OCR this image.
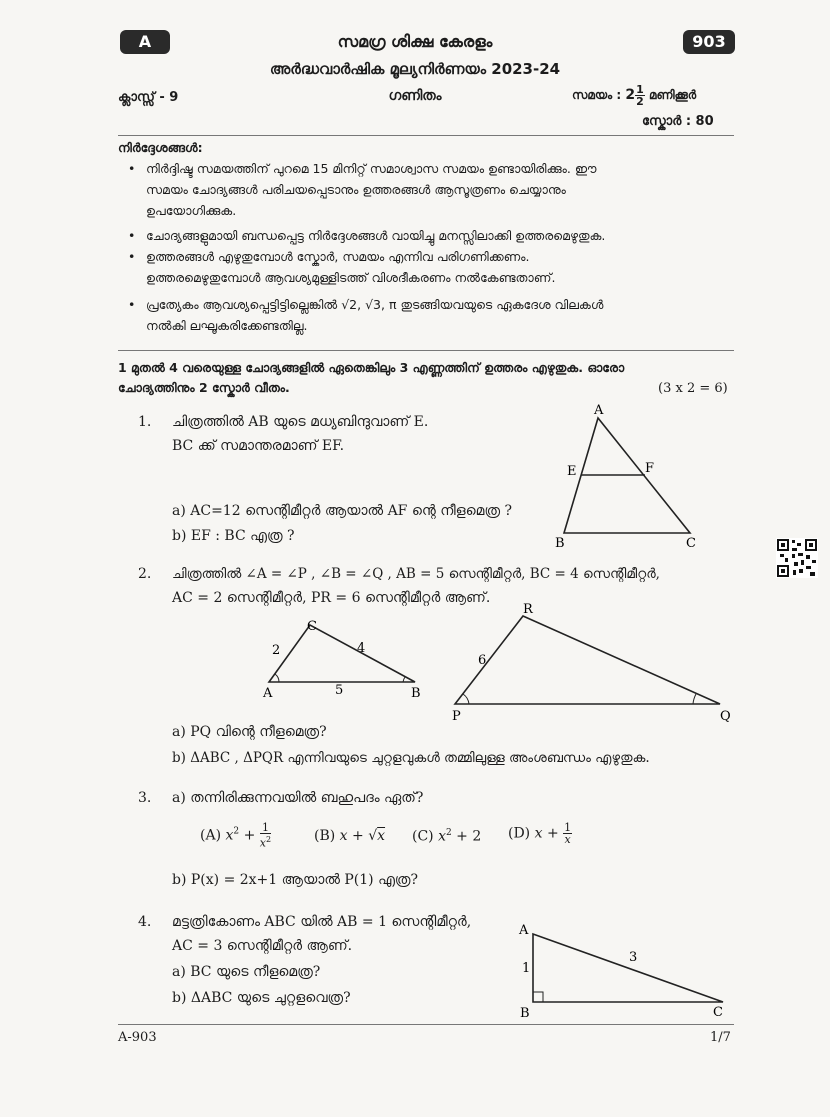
A	903
സമഗ്ര ശിക്ഷ കേരളം
അർദ്ധവാർഷിക മൂല്യനിർണയം 2023-24
ക്ലാസ്സ് - 9	ഗണിതം	സമയം : $2 \frac{1}{2}$ മണിക്കൂർ
സ്കോർ : 80
നിർദ്ദേശങ്ങൾ:
• നിർദ്ദിഷ്ട സമയത്തിന് പുറമെ 15 മിനിറ്റ് സമാശ്വാസ സമയം ഉണ്ടായിരിക്കും. ഈ
സമയം ചോദ്യങ്ങൾ പരിചയപ്പെടാനും ഉത്തരങ്ങൾ ആസൂത്രണം ചെയ്യാനും
ഉപയോഗിക്കുക.
• ചോദ്യങ്ങളുമായി ബന്ധപ്പെട്ട നിർദ്ദേശങ്ങൾ വായിച്ചു മനസ്സിലാക്കി ഉത്തരമെഴുതുക.
• ഉത്തരങ്ങൾ എഴുതുമ്പോൾ സ്കോർ, സമയം എന്നിവ പരിഗണിക്കണം.
ഉത്തരമെഴുതുമ്പോൾ ആവശ്യമുള്ളിടത്ത് വിശദീകരണം നൽകേണ്ടതാണ്.
• പ്രത്യേകം ആവശ്യപ്പെട്ടിട്ടില്ലെങ്കിൽ √2, √3, π തുടങ്ങിയവയുടെ ഏകദേശ വിലകൾ
നൽകി ലഘൂകരിക്കേണ്ടതില്ല.
1 മുതൽ 4 വരെയുള്ള ചോദ്യങ്ങളിൽ ഏതെങ്കിലും 3 എണ്ണത്തിന് ഉത്തരം എഴുതുക. ഓരോ
ചോദ്യത്തിനും 2 സ്കോർ വീതം.	(3 x 2 = 6)
1. ചിത്രത്തിൽ AB യുടെ മധ്യബിന്ദുവാണ് E.
BC ക്ക് സമാന്തരമാണ് EF.
a) AC=12 സെന്റിമീറ്റർ ആയാൽ AF ന്റെ നീളമെത്ര ?
b) EF : BC എത്ര ?
A
E	F
B	C
2. ചിത്രത്തിൽ ∠A = ∠P , ∠B = ∠Q , AB = 5 സെന്റിമീറ്റർ, BC = 4 സെന്റിമീറ്റർ,
AC = 2 സെന്റിമീറ്റർ, PR = 6 സെന്റിമീറ്റർ ആണ്.
A
C
B
2	4
5
P
R
Q
6
a) PQ വിന്റെ നീളമെത്ര?
b) ΔABC , ΔPQR എന്നിവയുടെ ചുറ്റളവുകൾ തമ്മിലുള്ള അംശബന്ധം എഴുതുക.
3. a) തന്നിരിക്കുന്നവയിൽ ബഹുപദം ഏത്?
(A) $x^2 + \frac{1}{x^2}$	(B) x + √x (C) $x^2 + 2$ (D) $x + \frac{1}{x}$
b) P(x) = 2x+1 ആയാൽ P(1) എത്ര?
4. മട്ടത്രികോണം ABC യിൽ AB = 1 സെന്റിമീറ്റർ,
AC = 3 സെന്റിമീറ്റർ ആണ്.
a) BC യുടെ നീളമെത്ര?
b) ΔABC യുടെ ചുറ്റളവെത്ര?
A
B	C
1
3
A-903	1/7
